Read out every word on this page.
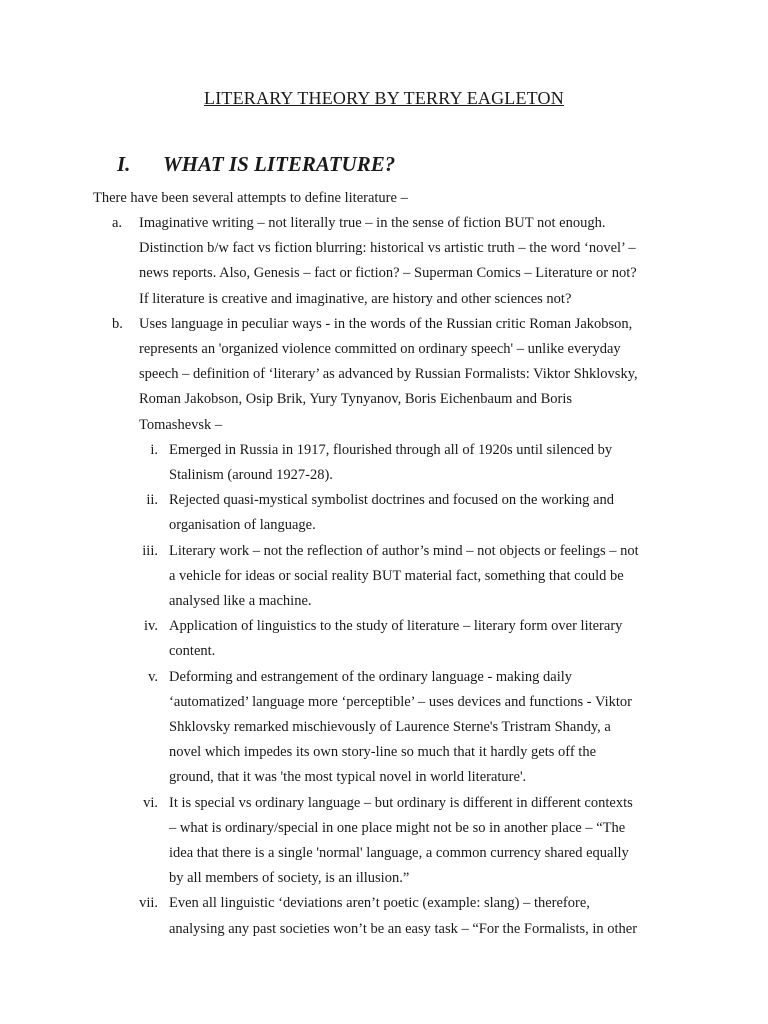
LITERARY THEORY BY TERRY EAGLETON
I. WHAT IS LITERATURE?

There have been several attempts to define literature –

a. Imaginative writing – not literally true – in the sense of fiction BUT not enough.
Distinction b/w fact vs fiction blurring: historical vs artistic truth – the word ‘novel’ –
news reports. Also, Genesis – fact or fiction? – Superman Comics – Literature or not?
If literature is creative and imaginative, are history and other sciences not?
b. Uses language in peculiar ways - in the words of the Russian critic Roman Jakobson,
represents an 'organized violence committed on ordinary speech' – unlike everyday
speech – definition of ‘literary’ as advanced by Russian Formalists: Viktor Shklovsky,
Roman Jakobson, Osip Brik, Yury Tynyanov, Boris Eichenbaum and Boris
Tomashevsk –
i. Emerged in Russia in 1917, flourished through all of 1920s until silenced by
Stalinism (around 1927-28).
ii. Rejected quasi-mystical symbolist doctrines and focused on the working and
organisation of language.
iii. Literary work – not the reflection of author’s mind – not objects or feelings – not
a vehicle for ideas or social reality BUT material fact, something that could be
analysed like a machine.
iv. Application of linguistics to the study of literature – literary form over literary
content.
v. Deforming and estrangement of the ordinary language - making daily
‘automatized’ language more ‘perceptible’ – uses devices and functions - Viktor
Shklovsky remarked mischievously of Laurence Sterne's Tristram Shandy, a
novel which impedes its own story-line so much that it hardly gets off the
ground, that it was 'the most typical novel in world literature'.
vi. It is special vs ordinary language – but ordinary is different in different contexts
– what is ordinary/special in one place might not be so in another place – “The
idea that there is a single 'normal' language, a common currency shared equally
by all members of society, is an illusion.”
vii. Even all linguistic ‘deviations aren’t poetic (example: slang) – therefore,
analysing any past societies won’t be an easy task – “For the Formalists, in other
